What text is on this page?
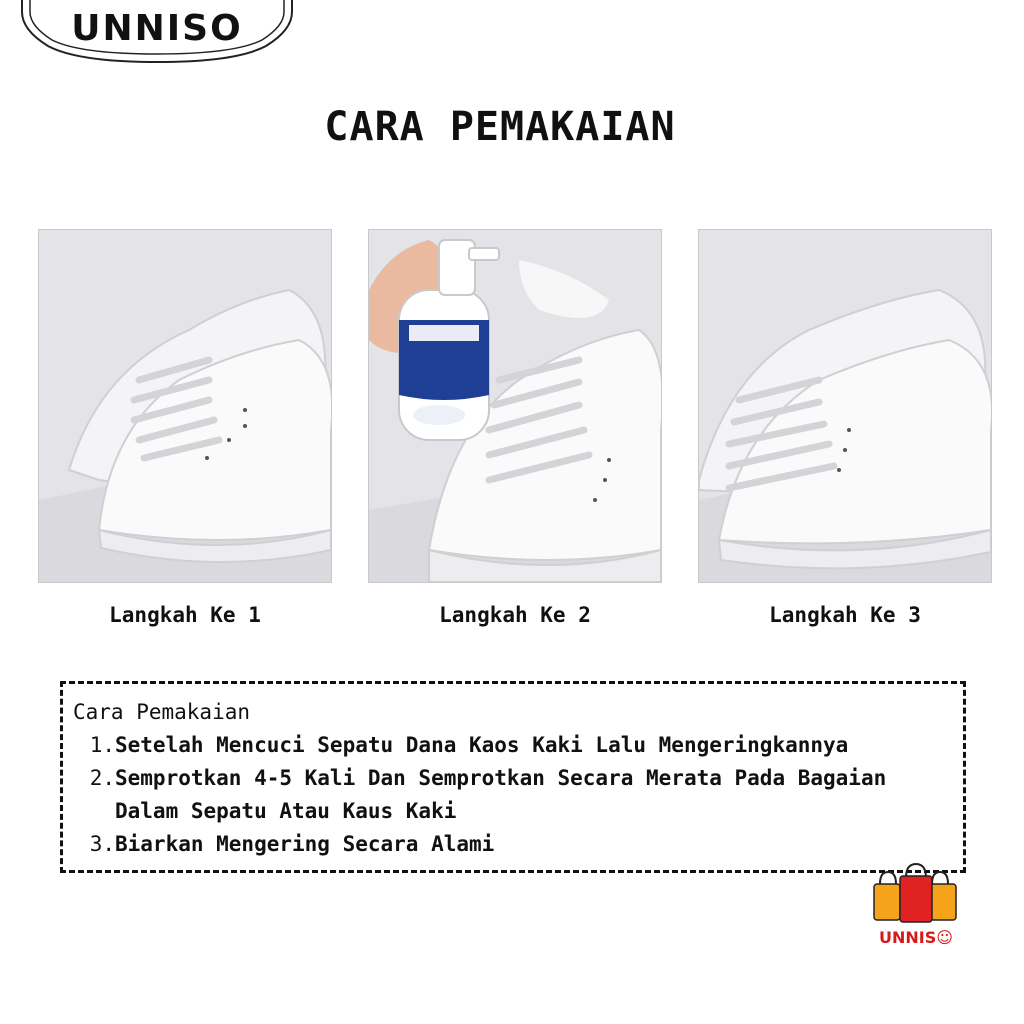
UNNISO
CARA PEMAKAIAN
Langkah Ke 1	Langkah Ke 2	Langkah Ke 3
Cara Pemakaian
1. Setelah Mencuci Sepatu Dana Kaos Kaki Lalu Mengeringkannya
2. Semprotkan 4-5 Kali Dan Semprotkan Secara Merata Pada Bagaian Dalam Sepatu Atau Kaus Kaki
3. Biarkan Mengering Secara Alami
UNNIS☺
